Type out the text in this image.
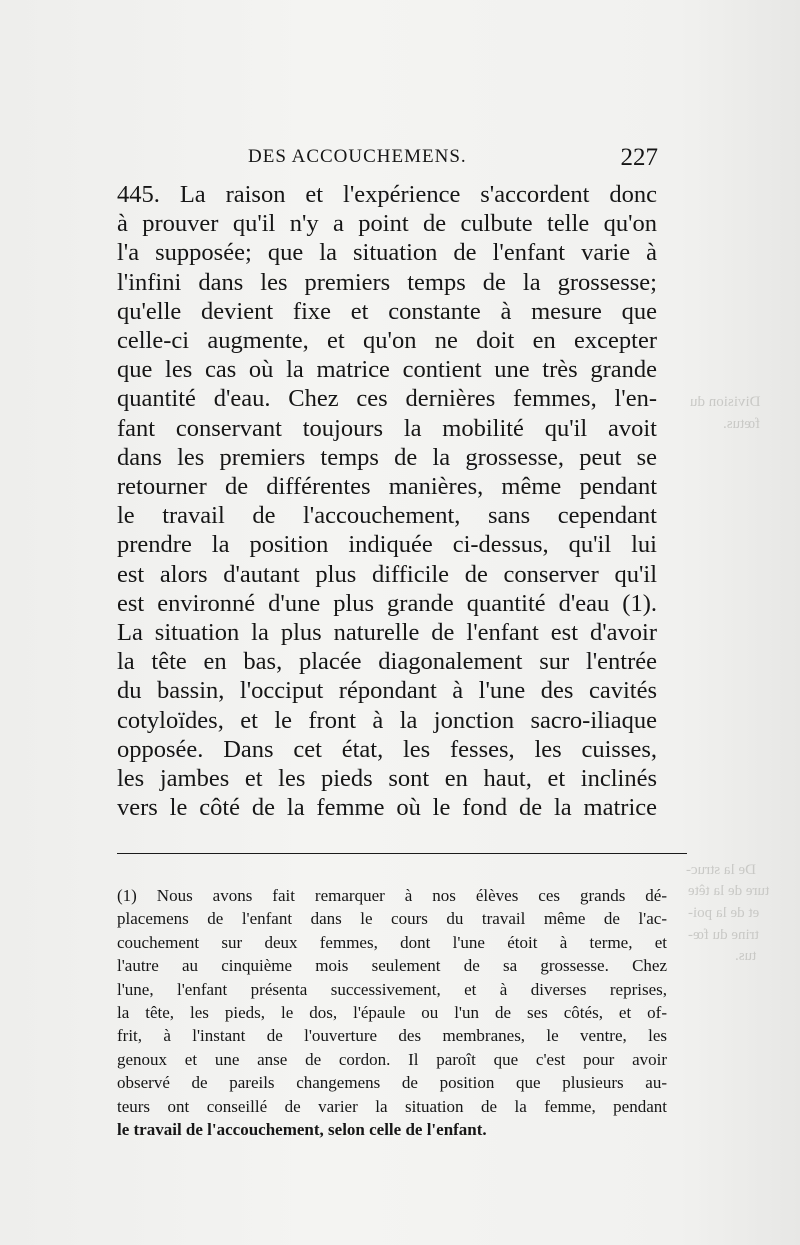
Division du
fœtus.
De la struc-
ture de la tête
et de la poi-
trine du fœ-
tus.
DES ACCOUCHEMENS.	227
445. La raison et l'expérience s'accordent donc
à prouver qu'il n'y a point de culbute telle qu'on
l'a supposée; que la situation de l'enfant varie à
l'infini dans les premiers temps de la grossesse;
qu'elle devient fixe et constante à mesure que
celle-ci augmente, et qu'on ne doit en excepter
que les cas où la matrice contient une très grande
quantité d'eau. Chez ces dernières femmes, l'en-
fant conservant toujours la mobilité qu'il avoit
dans les premiers temps de la grossesse, peut se
retourner de différentes manières, même pendant
le travail de l'accouchement, sans cependant
prendre la position indiquée ci-dessus, qu'il lui
est alors d'autant plus difficile de conserver qu'il
est environné d'une plus grande quantité d'eau (1).
La situation la plus naturelle de l'enfant est d'avoir
la tête en bas, placée diagonalement sur l'entrée
du bassin, l'occiput répondant à l'une des cavités
cotyloïdes, et le front à la jonction sacro-iliaque
opposée. Dans cet état, les fesses, les cuisses,
les jambes et les pieds sont en haut, et inclinés
vers le côté de la femme où le fond de la matrice
(1) Nous avons fait remarquer à nos élèves ces grands dé-
placemens de l'enfant dans le cours du travail même de l'ac-
couchement sur deux femmes, dont l'une étoit à terme, et
l'autre au cinquième mois seulement de sa grossesse. Chez
l'une, l'enfant présenta successivement, et à diverses reprises,
la tête, les pieds, le dos, l'épaule ou l'un de ses côtés, et of-
frit, à l'instant de l'ouverture des membranes, le ventre, les
genoux et une anse de cordon. Il paroît que c'est pour avoir
observé de pareils changemens de position que plusieurs au-
teurs ont conseillé de varier la situation de la femme, pendant
le travail de l'accouchement, selon celle de l'enfant.
